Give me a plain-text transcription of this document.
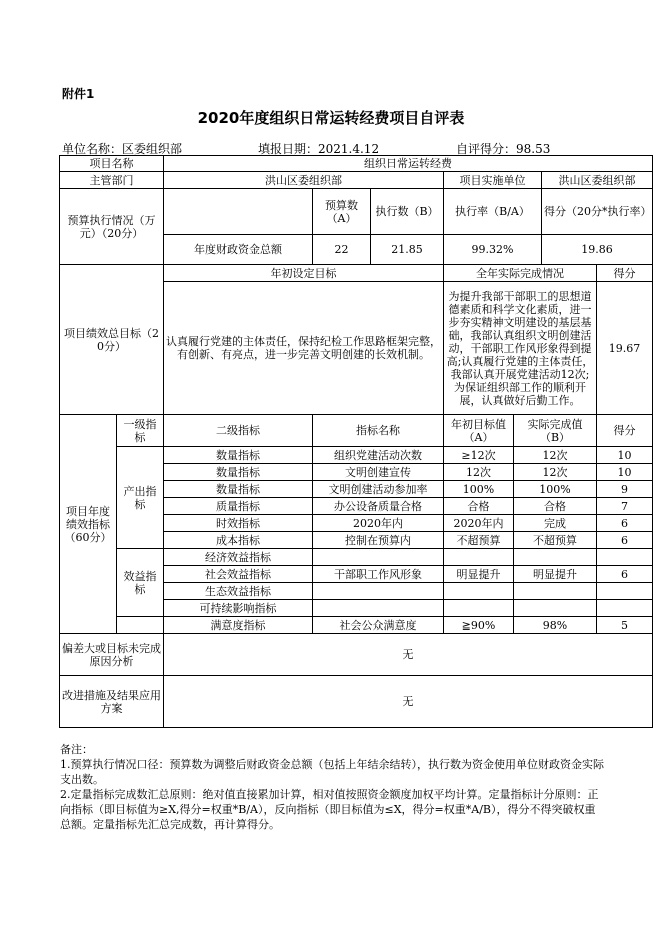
附件1
2020年度组织日常运转经费项目自评表
单位名称：区委组织部	填报日期：2021.4.12	自评得分：98.53
项目名称		组织日常运转经费						
主管部门		洪山区委组织部			项目实施单位		洪山区委组织部	
预算执行情况（万元）（20分）			预算数（A）	执行数（B）	执行率（B/A）		得分（20分*执行率）	
		年度财政资金总额	22	21.85	99.32%		19.86	
项目绩效总目标（20分）		年初设定目标			全年实际完成情况			得分
		认真履行党建的主体责任，保持纪检工作思路框架完整，有创新、有亮点，进一步完善文明创建的长效机制。			为提升我部干部职工的思想道德素质和科学文化素质，进一步夯实精神文明建设的基层基础，我部认真组织文明创建活动，干部职工作风形象得到提高;认真履行党建的主体责任，我部认真开展党建活动12次;为保证组织部工作的顺利开展，认真做好后勤工作。			19.67
项目年度绩效指标（60分）	一级指标	二级指标	指标名称		年初目标值（A）	实际完成值（B）		得分
	产出指标	数量指标	组织党建活动次数		≥12次	12次		10
		数量指标	文明创建宣传		12次	12次		10
		数量指标	文明创建活动参加率		100%	100%		9
		质量指标	办公设备质量合格		合格	合格		7
		时效指标	2020年内		2020年内	完成		6
		成本指标	控制在预算内		不超预算	不超预算		6
	效益指标	经济效益指标						
		社会效益指标	干部职工作风形象		明显提升	明显提升		6
		生态效益指标						
		可持续影响指标						
		满意度指标	社会公众满意度		≧90%	98%		5
偏差大或目标未完成原因分析		无						
改进措施及结果应用方案		无						
备注：
1.预算执行情况口径：预算数为调整后财政资金总额（包括上年结余结转），执行数为资金使用单位财政资金实际支出数。
2.定量指标完成数汇总原则：绝对值直接累加计算，相对值按照资金额度加权平均计算。定量指标计分原则：正向指标（即目标值为≥X,得分=权重*B/A），反向指标（即目标值为≤X，得分=权重*A/B），得分不得突破权重总额。定量指标先汇总完成数，再计算得分。
